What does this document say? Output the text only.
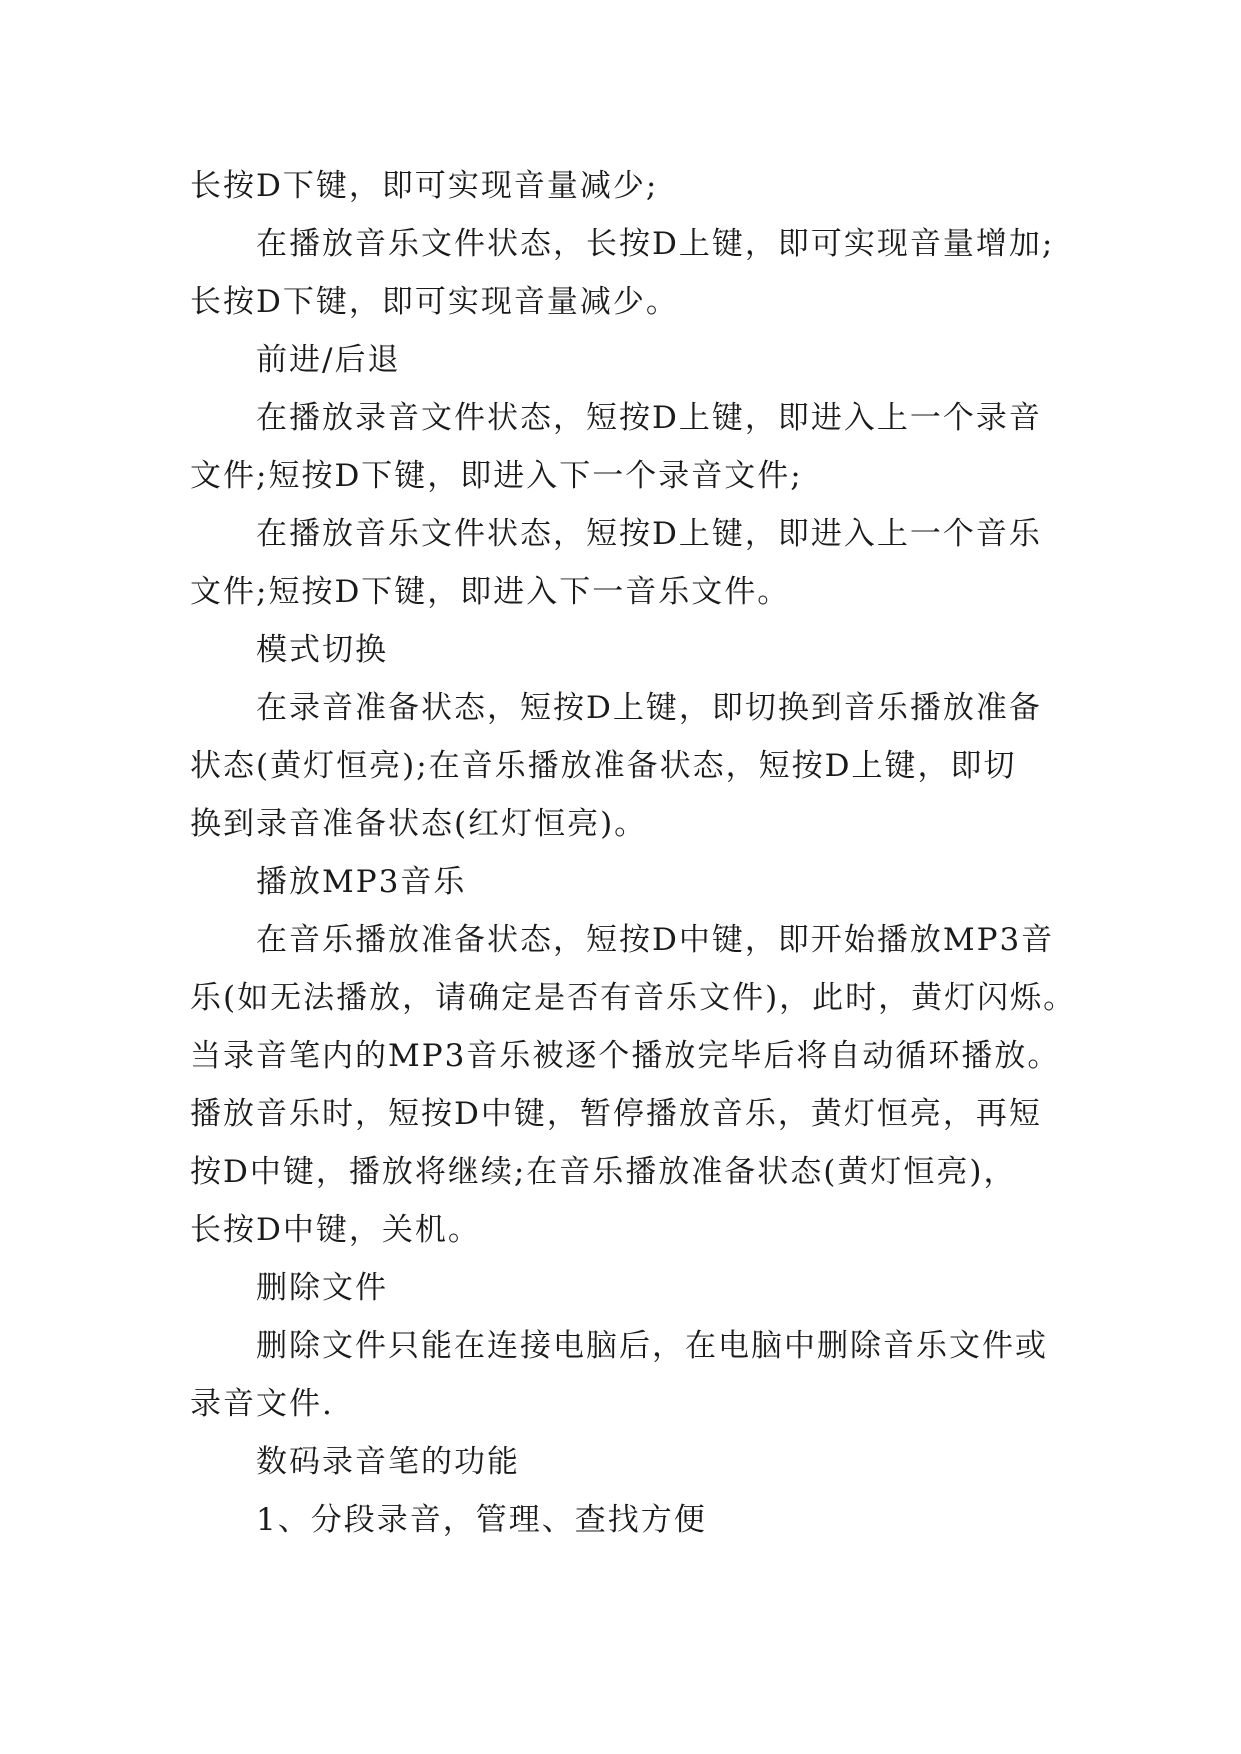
长按D下键，即可实现音量减少;
在播放音乐文件状态，长按D上键，即可实现音量增加;
长按D下键，即可实现音量减少。
前进/后退
在播放录音文件状态，短按D上键，即进入上一个录音
文件;短按D下键，即进入下一个录音文件;
在播放音乐文件状态，短按D上键，即进入上一个音乐
文件;短按D下键，即进入下一音乐文件。
模式切换
在录音准备状态，短按D上键，即切换到音乐播放准备
状态(黄灯恒亮);在音乐播放准备状态，短按D上键，即切
换到录音准备状态(红灯恒亮)。
播放MP3音乐
在音乐播放准备状态，短按D中键，即开始播放MP3音
乐(如无法播放，请确定是否有音乐文件)，此时，黄灯闪烁。
当录音笔内的MP3音乐被逐个播放完毕后将自动循环播放。
播放音乐时，短按D中键，暂停播放音乐，黄灯恒亮，再短
按D中键，播放将继续;在音乐播放准备状态(黄灯恒亮)，
长按D中键，关机。
删除文件
删除文件只能在连接电脑后，在电脑中删除音乐文件或
录音文件.
数码录音笔的功能
1、分段录音，管理、查找方便
